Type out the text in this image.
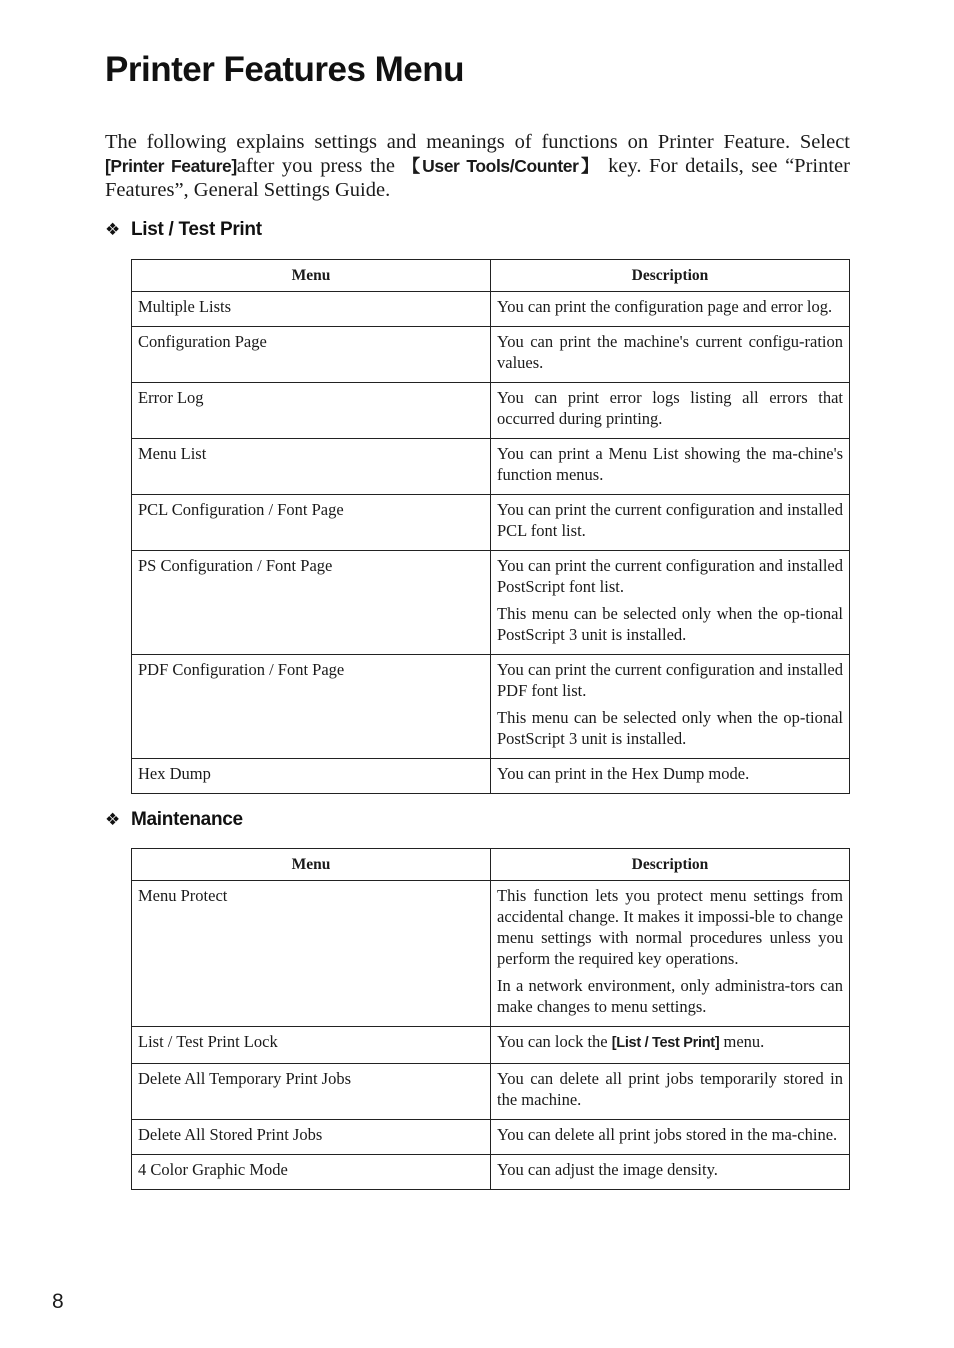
Printer Features Menu

The following explains settings and meanings of functions on Printer Feature. Select [Printer Feature]after you press the 【User Tools/Counter】 key. For details, see “Printer Features”, General Settings Guide.

❖ List / Test Print
Menu	Description
Multiple Lists	You can print the configuration page and error log.

Configuration Page	You can print the machine's current configu-ration values.

Error Log	You can print error logs listing all errors that occurred during printing.

Menu List	You can print a Menu List showing the ma-chine's function menus.

PCL Configuration / Font Page	You can print the current configuration and installed PCL font list.

PS Configuration / Font Page	You can print the current configuration and installed PostScript font list.

This menu can be selected only when the op-tional PostScript 3 unit is installed.

PDF Configuration / Font Page	You can print the current configuration and installed PDF font list.

This menu can be selected only when the op-tional PostScript 3 unit is installed.

Hex Dump	You can print in the Hex Dump mode.

❖ Maintenance
Menu	Description
Menu Protect	This function lets you protect menu settings from accidental change. It makes it impossi-ble to change menu settings with normal procedures unless you perform the required key operations.

In a network environment, only administra-tors can make changes to menu settings.

List / Test Print Lock	You can lock the [List / Test Print] menu.

Delete All Temporary Print Jobs	You can delete all print jobs temporarily stored in the machine.

Delete All Stored Print Jobs	You can delete all print jobs stored in the ma-chine.

4 Color Graphic Mode	You can adjust the image density.

8
